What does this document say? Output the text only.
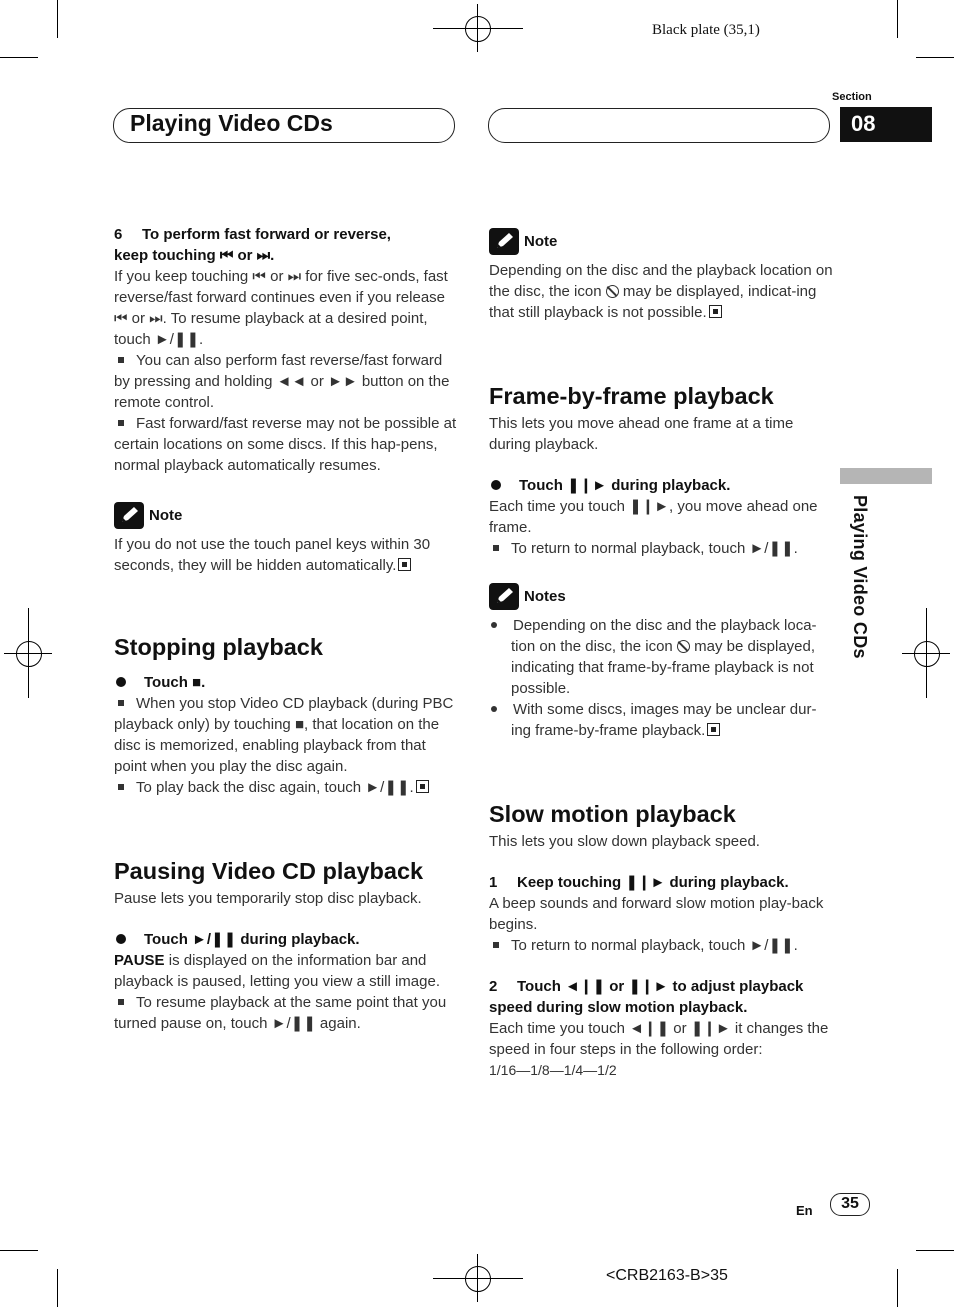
Black plate (35,1)
Playing Video CDs
Section
08
Playing Video CDs

6 To perform fast forward or reverse,
keep touching ⏮ or ⏭.

If you keep touching ⏮ or ⏭ for five sec-onds, fast reverse/fast forward continues even if you release ⏮ or ⏭. To resume playback at a desired point, touch ►/❚❚.

You can also perform fast reverse/fast forward by pressing and holding ◄◄ or ►► button on the remote control.

Fast forward/fast reverse may not be possible at certain locations on some discs. If this hap-pens, normal playback automatically resumes.

Note

If you do not use the touch panel keys within 30 seconds, they will be hidden automatically.

Stopping playback

Touch ■.

When you stop Video CD playback (during PBC playback only) by touching ■, that location on the disc is memorized, enabling playback from that point when you play the disc again.

To play back the disc again, touch ►/❚❚.

Pausing Video CD playback

Pause lets you temporarily stop disc playback.

Touch ►/❚❚ during playback.

PAUSE is displayed on the information bar and playback is paused, letting you view a still image.

To resume playback at the same point that you turned pause on, touch ►/❚❚ again.

Note

Depending on the disc and the playback location on the disc, the icon may be displayed, indicat-ing that still playback is not possible.

Frame-by-frame playback

This lets you move ahead one frame at a time during playback.

Touch ❚❙► during playback.

Each time you touch ❚❙►, you move ahead one frame.

To return to normal playback, touch ►/❚❚.

Notes

Depending on the disc and the playback loca-tion on the disc, the icon may be displayed, indicating that frame-by-frame playback is not possible.

With some discs, images may be unclear dur-ing frame-by-frame playback.

Slow motion playback

This lets you slow down playback speed.

1 Keep touching ❚❙► during playback.

A beep sounds and forward slow motion play-back begins.

To return to normal playback, touch ►/❚❚.

2 Touch ◄❙❚ or ❚❙► to adjust playback
speed during slow motion playback.

Each time you touch ◄❙❚ or ❚❙► it changes the speed in four steps in the following order:

1/16—1/8—1/4—1/2

En	35
<CRB2163-B>35
